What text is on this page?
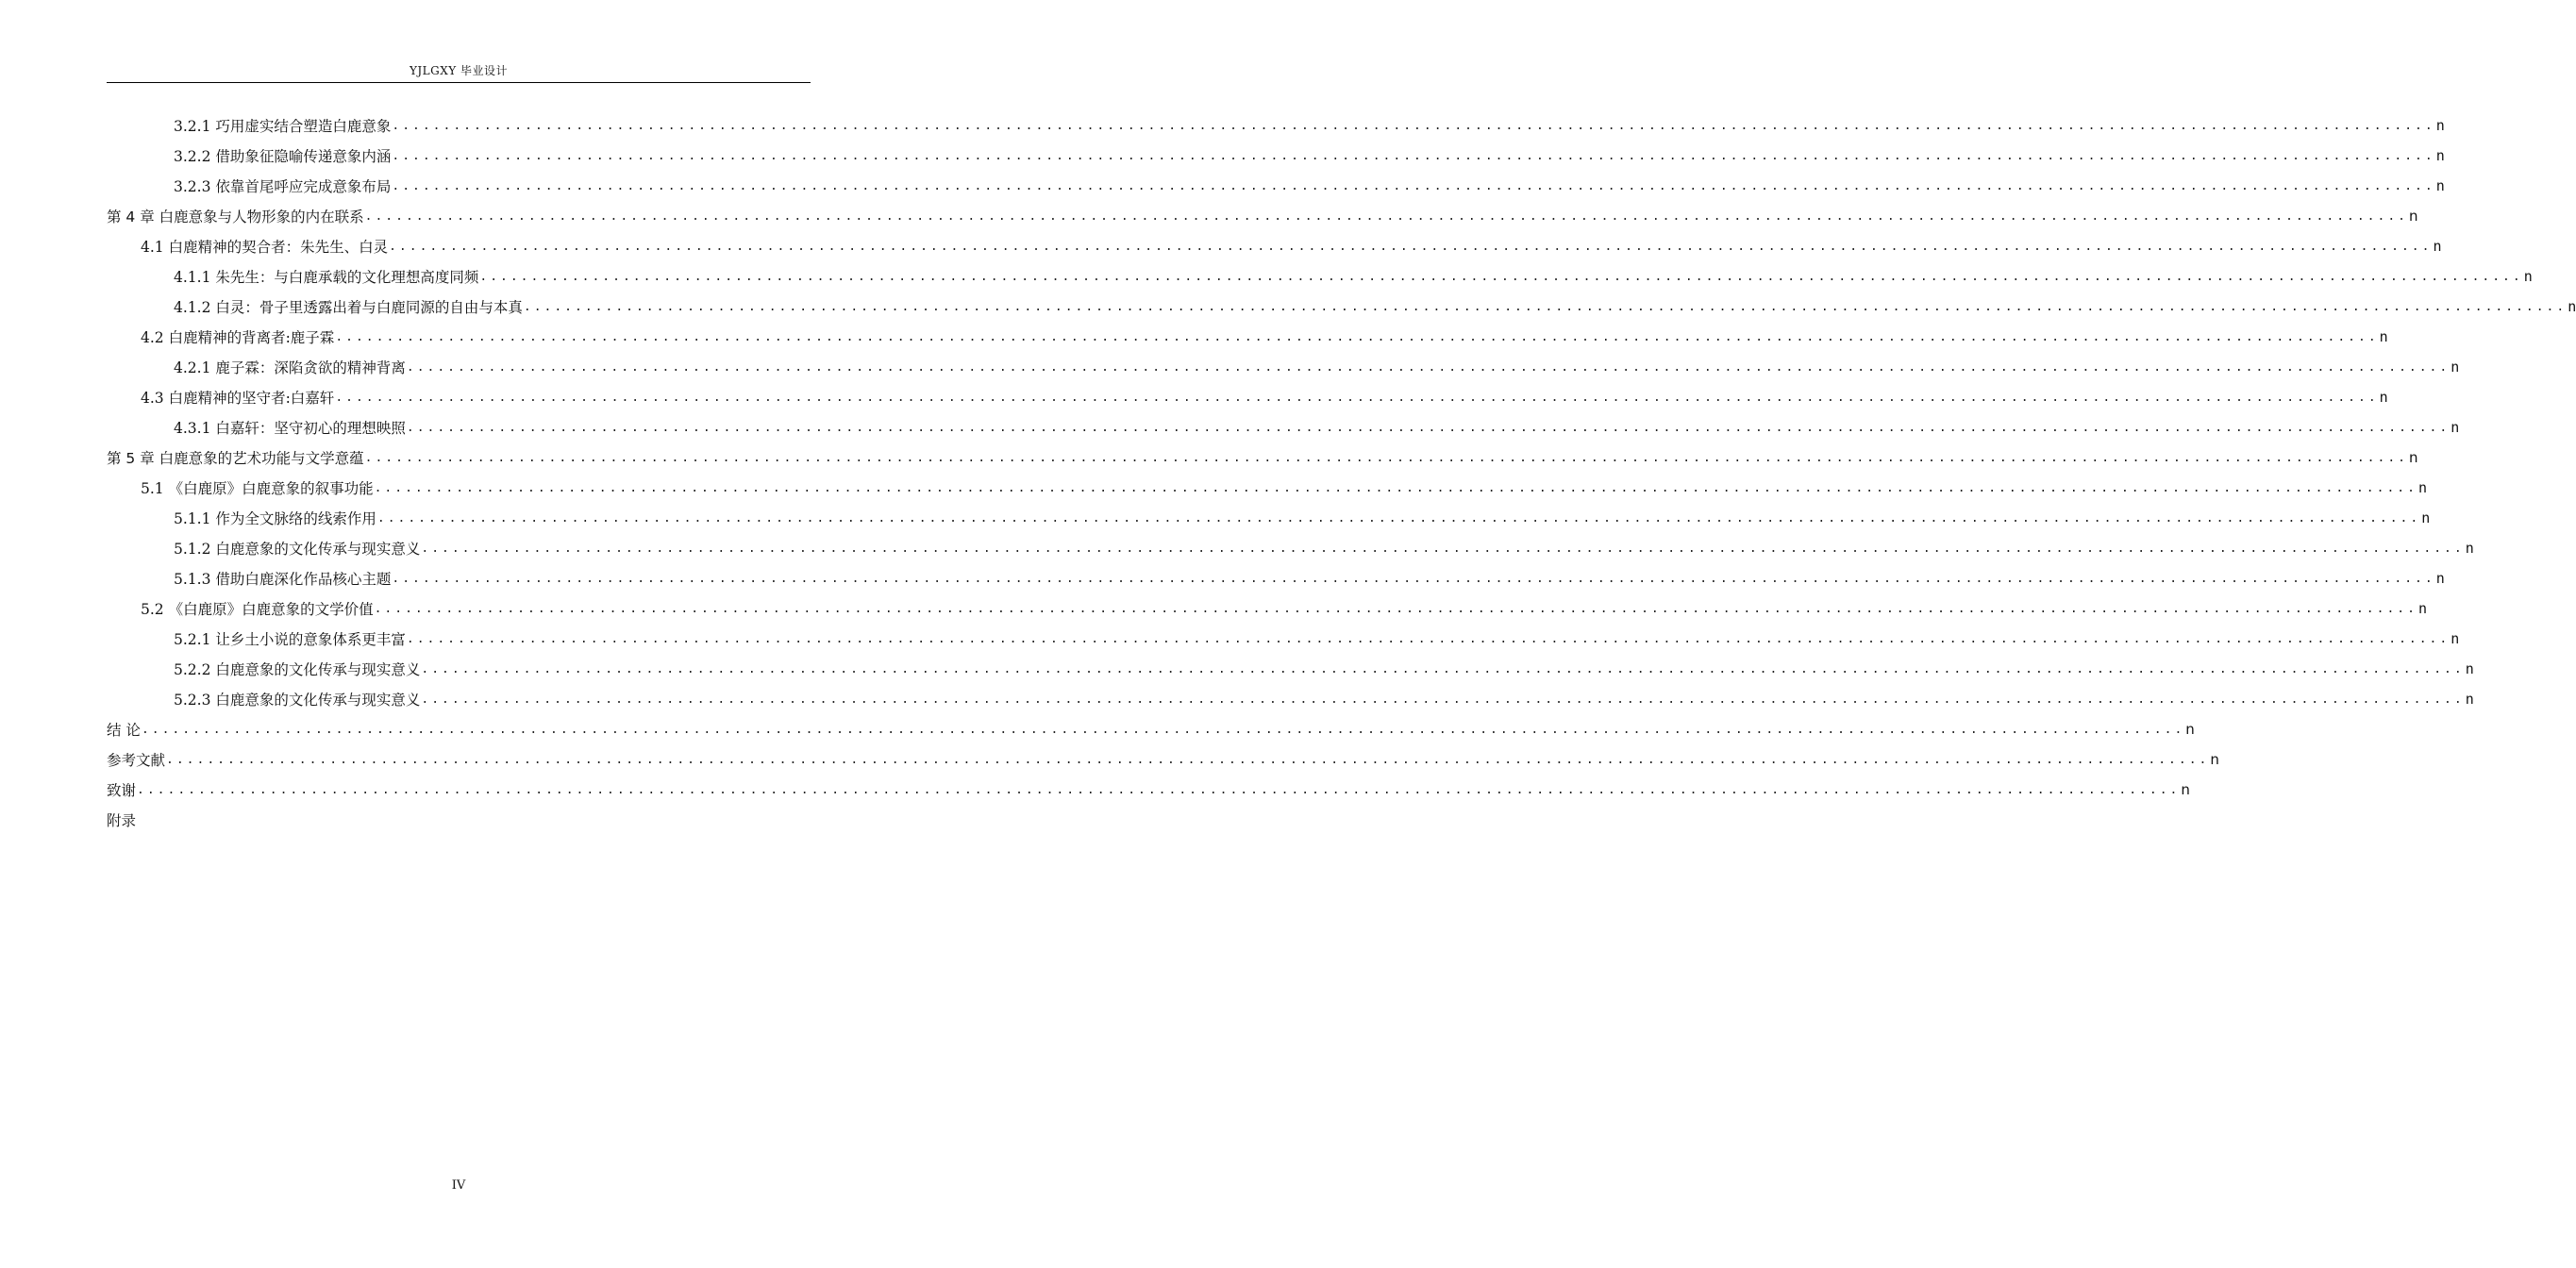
YJLGXY 毕业设计
3.2.1 巧用虚实结合塑造白鹿意象 ........................................................................................................................................................................................................ n
3.2.2 借助象征隐喻传递意象内涵 ........................................................................................................................................................................................................ n
3.2.3 依靠首尾呼应完成意象布局 ........................................................................................................................................................................................................ n
第 4 章 白鹿意象与人物形象的内在联系 ........................................................................................................................................................................................................ n
4.1 白鹿精神的契合者：朱先生、白灵 ........................................................................................................................................................................................................ n
4.1.1 朱先生：与白鹿承载的文化理想高度同频 ........................................................................................................................................................................................................ n
4.1.2 白灵：骨子里透露出着与白鹿同源的自由与本真 ........................................................................................................................................................................................................ n
4.2 白鹿精神的背离者:鹿子霖 ........................................................................................................................................................................................................ n
4.2.1 鹿子霖：深陷贪欲的精神背离 ........................................................................................................................................................................................................ n
4.3 白鹿精神的坚守者:白嘉轩 ........................................................................................................................................................................................................ n
4.3.1 白嘉轩：坚守初心的理想映照 ........................................................................................................................................................................................................ n
第 5 章 白鹿意象的艺术功能与文学意蕴 ........................................................................................................................................................................................................ n
5.1 《白鹿原》白鹿意象的叙事功能 ........................................................................................................................................................................................................ n
5.1.1 作为全文脉络的线索作用 ........................................................................................................................................................................................................ n
5.1.2 白鹿意象的文化传承与现实意义 ........................................................................................................................................................................................................ n
5.1.3 借助白鹿深化作品核心主题 ........................................................................................................................................................................................................ n
5.2 《白鹿原》白鹿意象的文学价值 ........................................................................................................................................................................................................ n
5.2.1 让乡土小说的意象体系更丰富 ........................................................................................................................................................................................................ n
5.2.2 白鹿意象的文化传承与现实意义 ........................................................................................................................................................................................................ n
5.2.3 白鹿意象的文化传承与现实意义 ........................................................................................................................................................................................................ n
结 论 ........................................................................................................................................................................................................ n
参考文献 ........................................................................................................................................................................................................ n
致谢 ........................................................................................................................................................................................................ n
附录
IV
